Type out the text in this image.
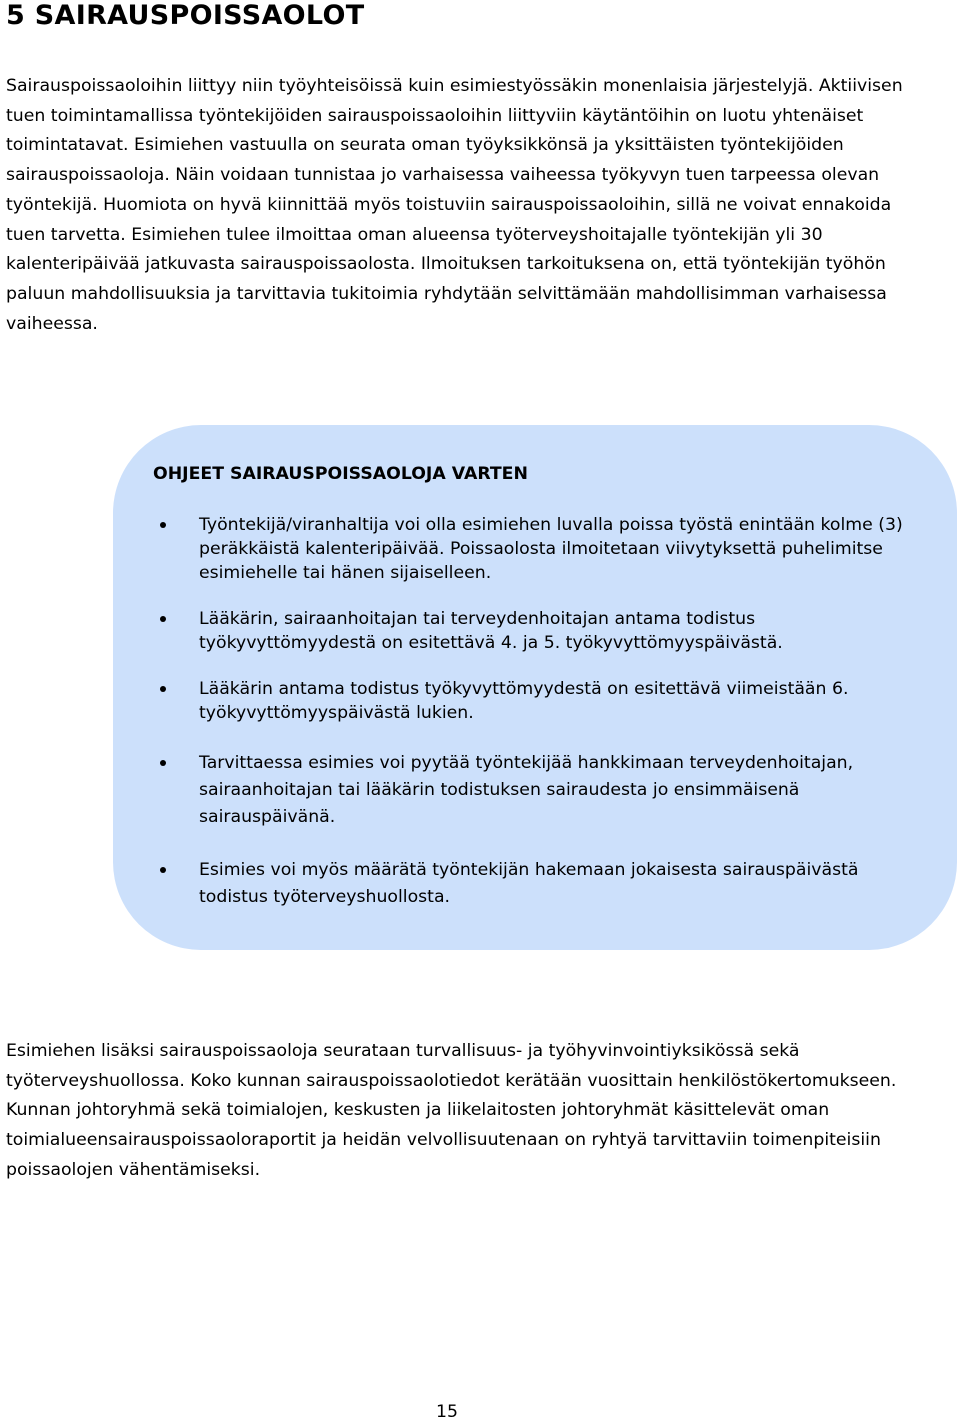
5 SAIRAUSPOISSAOLOT

Sairauspoissaoloihin liittyy niin työyhteisöissä kuin esimiestyössäkin monenlaisia järjestelyjä. Aktiivisen tuen toimintamallissa työntekijöiden sairauspoissaoloihin liittyviin käytäntöihin on luotu yhtenäiset toimintatavat. Esimiehen vastuulla on seurata oman työyksikkönsä ja yksittäisten työntekijöiden sairauspoissaoloja. Näin voidaan tunnistaa jo varhaisessa vaiheessa työkyvyn tuen tarpeessa olevan työntekijä. Huomiota on hyvä kiinnittää myös toistuviin sairauspoissaoloihin, sillä ne voivat ennakoida tuen tarvetta. Esimiehen tulee ilmoittaa oman alueensa työterveyshoitajalle työntekijän yli 30 kalenteripäivää jatkuvasta sairauspoissaolosta. Ilmoituksen tarkoituksena on, että työntekijän työhön paluun mahdollisuuksia ja tarvittavia tukitoimia ryhdytään selvittämään mahdollisimman varhaisessa vaiheessa.

OHJEET SAIRAUSPOISSAOLOJA VARTEN
Työntekijä/viranhaltija voi olla esimiehen luvalla poissa työstä enintään kolme (3) peräkkäistä kalenteripäivää. Poissaolosta ilmoitetaan viivytyksettä puhelimitse esimiehelle tai hänen sijaiselleen.
Lääkärin, sairaanhoitajan tai terveydenhoitajan antama todistus työkyvyttömyydestä on esitettävä 4. ja 5. työkyvyttömyyspäivästä.
Lääkärin antama todistus työkyvyttömyydestä on esitettävä viimeistään 6. työkyvyttömyyspäivästä lukien.
Tarvittaessa esimies voi pyytää työntekijää hankkimaan terveydenhoitajan, sairaanhoitajan tai lääkärin todistuksen sairaudesta jo ensimmäisenä sairauspäivänä.
Esimies voi myös määrätä työntekijän hakemaan jokaisesta sairauspäivästä todistus työterveyshuollosta.

Esimiehen lisäksi sairauspoissaoloja seurataan turvallisuus- ja työhyvinvointiyksikössä sekä työterveyshuollossa. Koko kunnan sairauspoissaolotiedot kerätään vuosittain henkilöstökertomukseen. Kunnan johtoryhmä sekä toimialojen, keskusten ja liikelaitosten johtoryhmät käsittelevät oman toimialueensairauspoissaoloraportit ja heidän velvollisuutenaan on ryhtyä tarvittaviin toimenpiteisiin poissaolojen vähentämiseksi.

15
